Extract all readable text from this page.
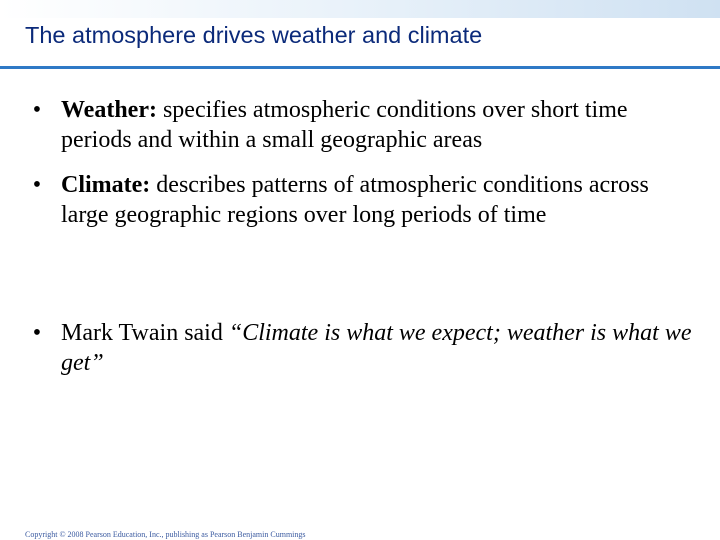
The atmosphere drives weather and climate
• Weather: specifies atmospheric conditions over short time periods and within a small geographic areas
• Climate: describes patterns of atmospheric conditions across large geographic regions over long periods of time
• Mark Twain said “Climate is what we expect; weather is what we get”
Copyright © 2008 Pearson Education, Inc., publishing as Pearson Benjamin Cummings
